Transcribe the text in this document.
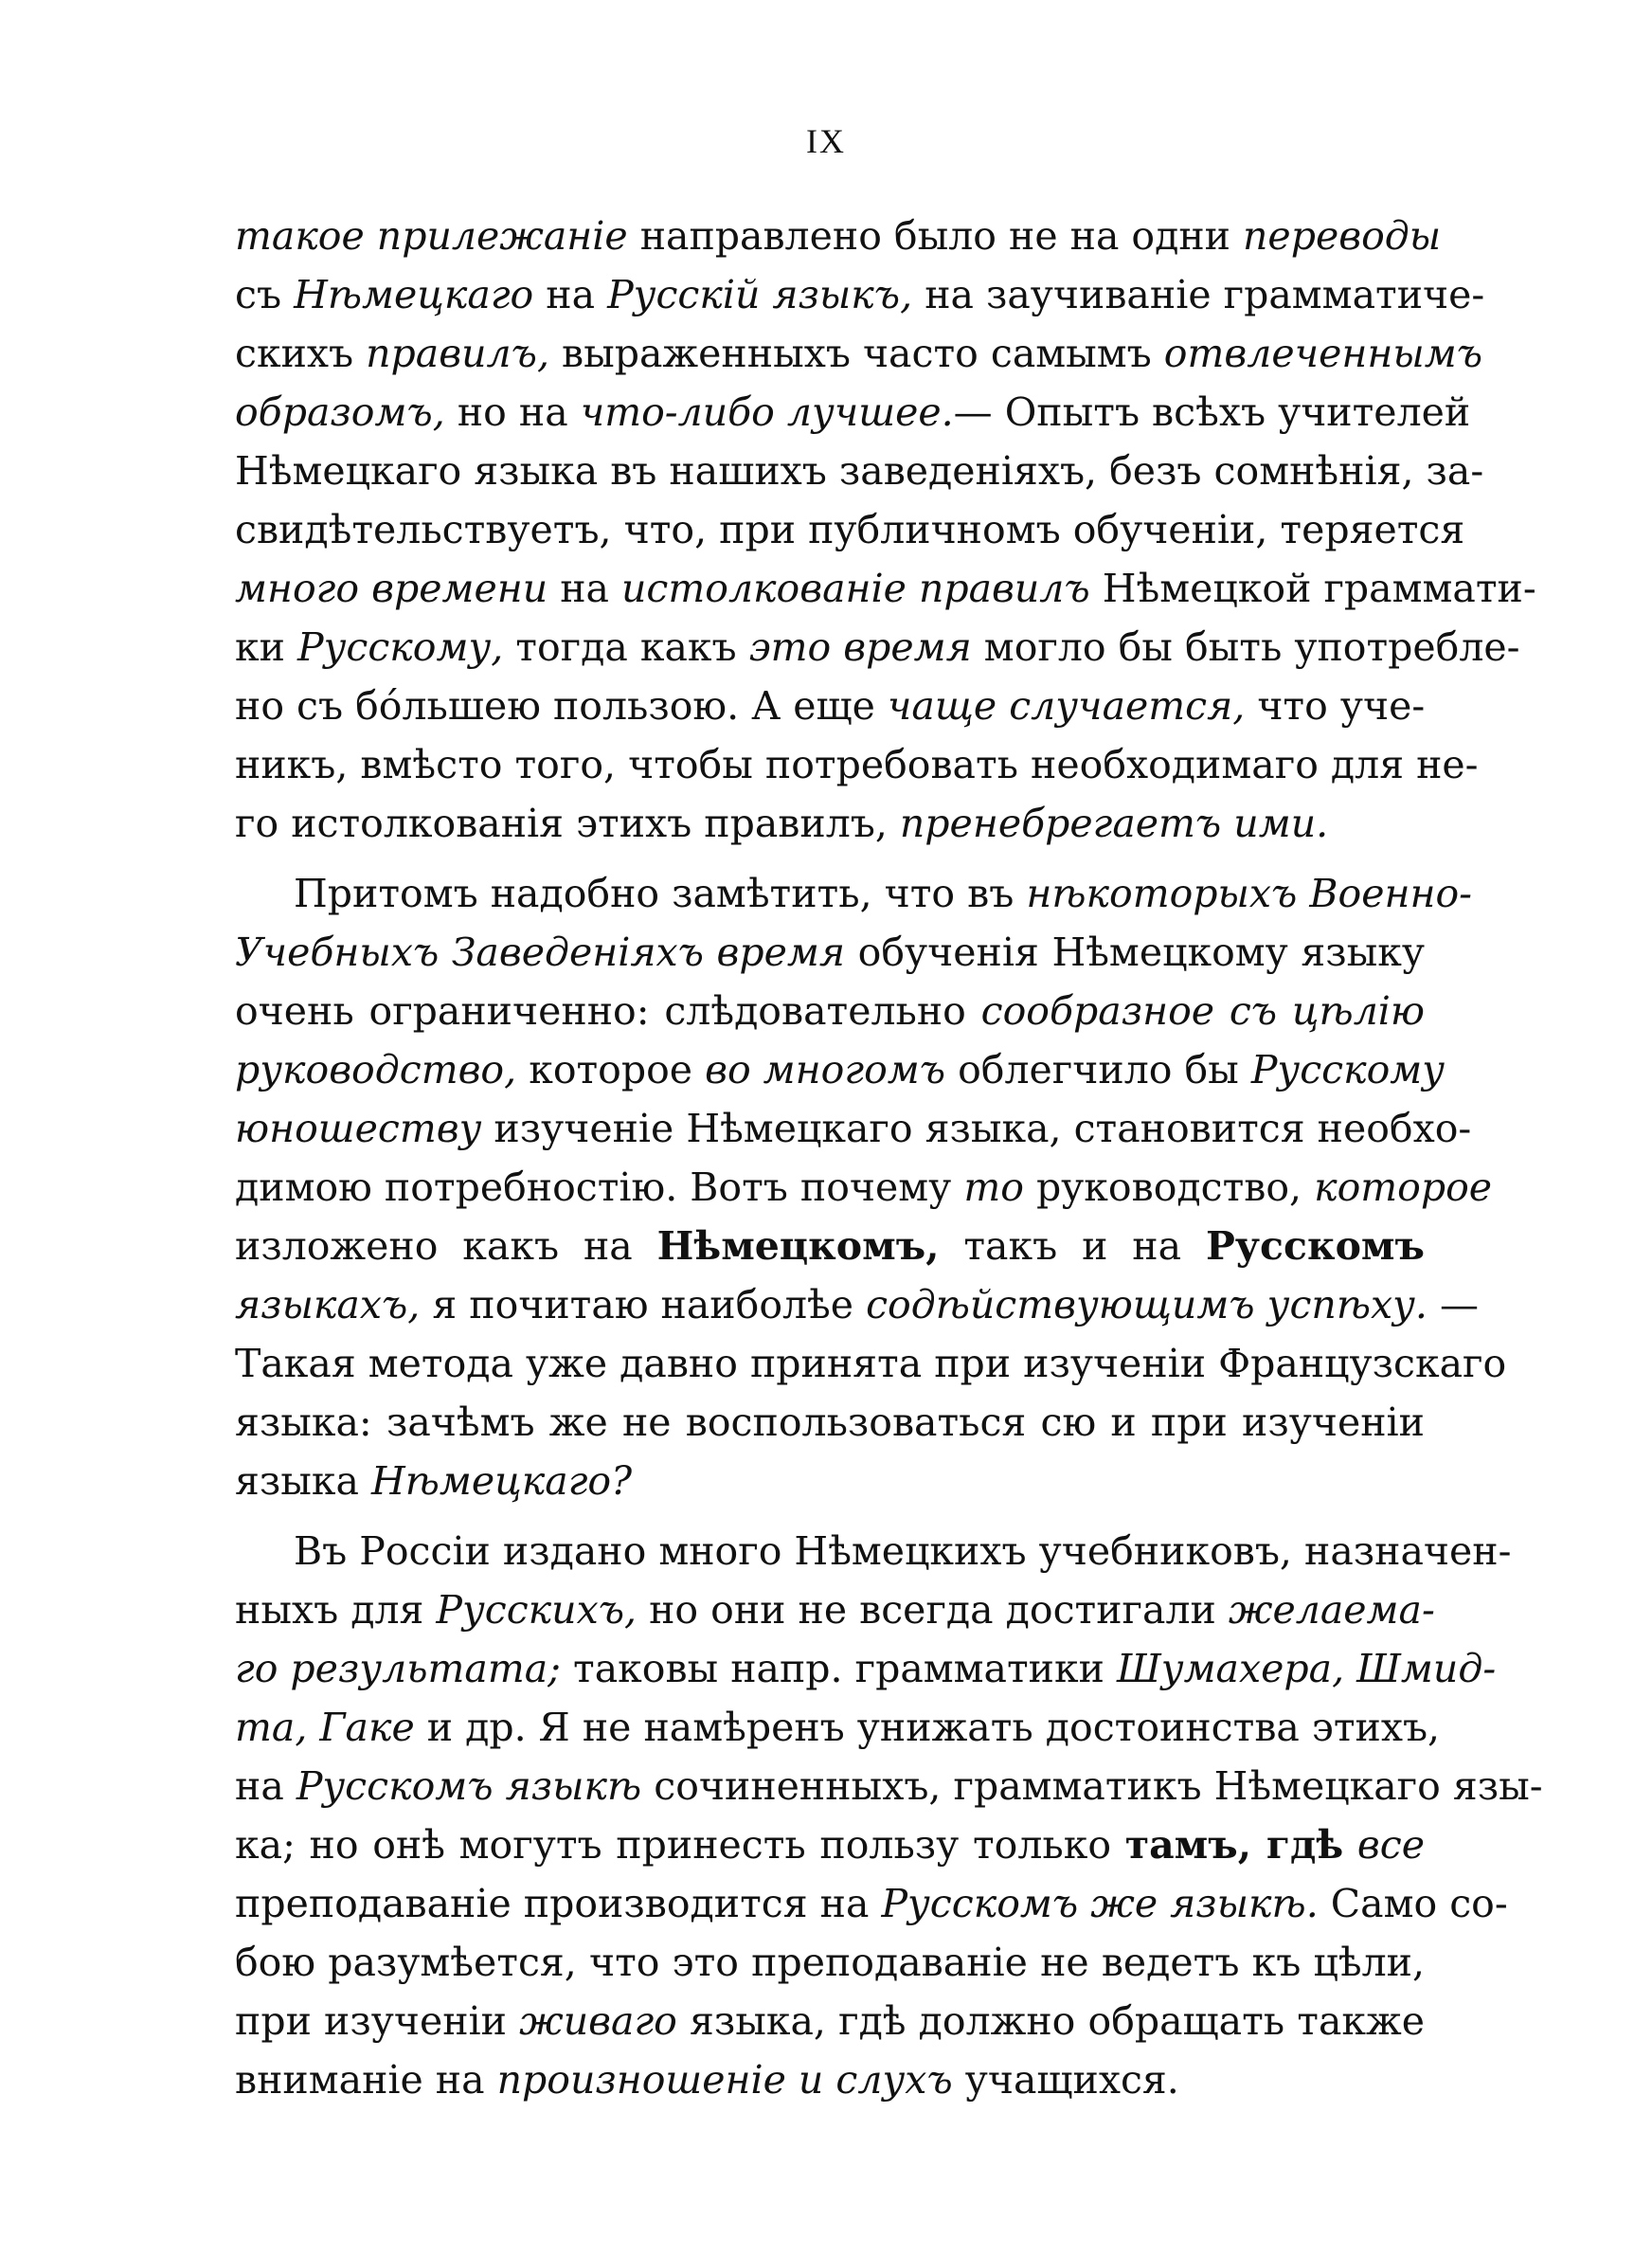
IX
такое прилежаніе направлено было не на одни переводы
съ Нѣмецкаго на Русскій языкъ, на заучиваніе грамматиче-
скихъ правилъ, выраженныхъ часто самымъ отвлеченнымъ
образомъ, но на что-либо лучшее.— Опытъ всѣхъ учителей
Нѣмецкаго языка въ нашихъ заведеніяхъ, безъ сомнѣнія, за-
свидѣтельствуетъ, что, при публичномъ обученіи, теряется
много времени на истолкованіе правилъ Нѣмецкой граммати-
ки Русскому, тогда какъ это время могло бы быть употребле-
но съ бóльшею пользою. А еще чаще случается, что уче-
никъ, вмѣсто того, чтобы потребовать необходимаго для не-
го истолкованія этихъ правилъ, пренебрегаетъ ими.
Притомъ надобно замѣтить, что въ нѣкоторыхъ Военно-
Учебныхъ Заведеніяхъ время обученія Нѣмецкому языку
очень ограниченно: слѣдовательно сообразное съ цѣлію
руководство, которое во многомъ облегчило бы Русскому
юношеству изученіе Нѣмецкаго языка, становится необхо-
димою потребностію. Вотъ почему то руководство, которое
изложено какъ на Нѣмецкомъ, такъ и на Русскомъ
языкахъ, я почитаю наиболѣе содѣйствующимъ успѣху. —
Такая метода уже давно принята при изученіи Французскаго
языка: зачѣмъ же не воспользоваться сю и при изученіи
языка Нѣмецкаго?
Въ Россіи издано много Нѣмецкихъ учебниковъ, назначен-
ныхъ для Русскихъ, но они не всегда достигали желаема-
го результата; таковы напр. грамматики Шумахера, Шмид-
та, Гаке и др. Я не намѣренъ унижать достоинства этихъ,
на Русскомъ языкѣ сочиненныхъ, грамматикъ Нѣмецкаго язы-
ка; но онѣ могутъ принесть пользу только тамъ, гдѣ все
преподаваніе производится на Русскомъ же языкѣ. Само со-
бою разумѣется, что это преподаваніе не ведетъ къ цѣли,
при изученіи живаго языка, гдѣ должно обращать также
вниманіе на произношеніе и слухъ учащихся.
